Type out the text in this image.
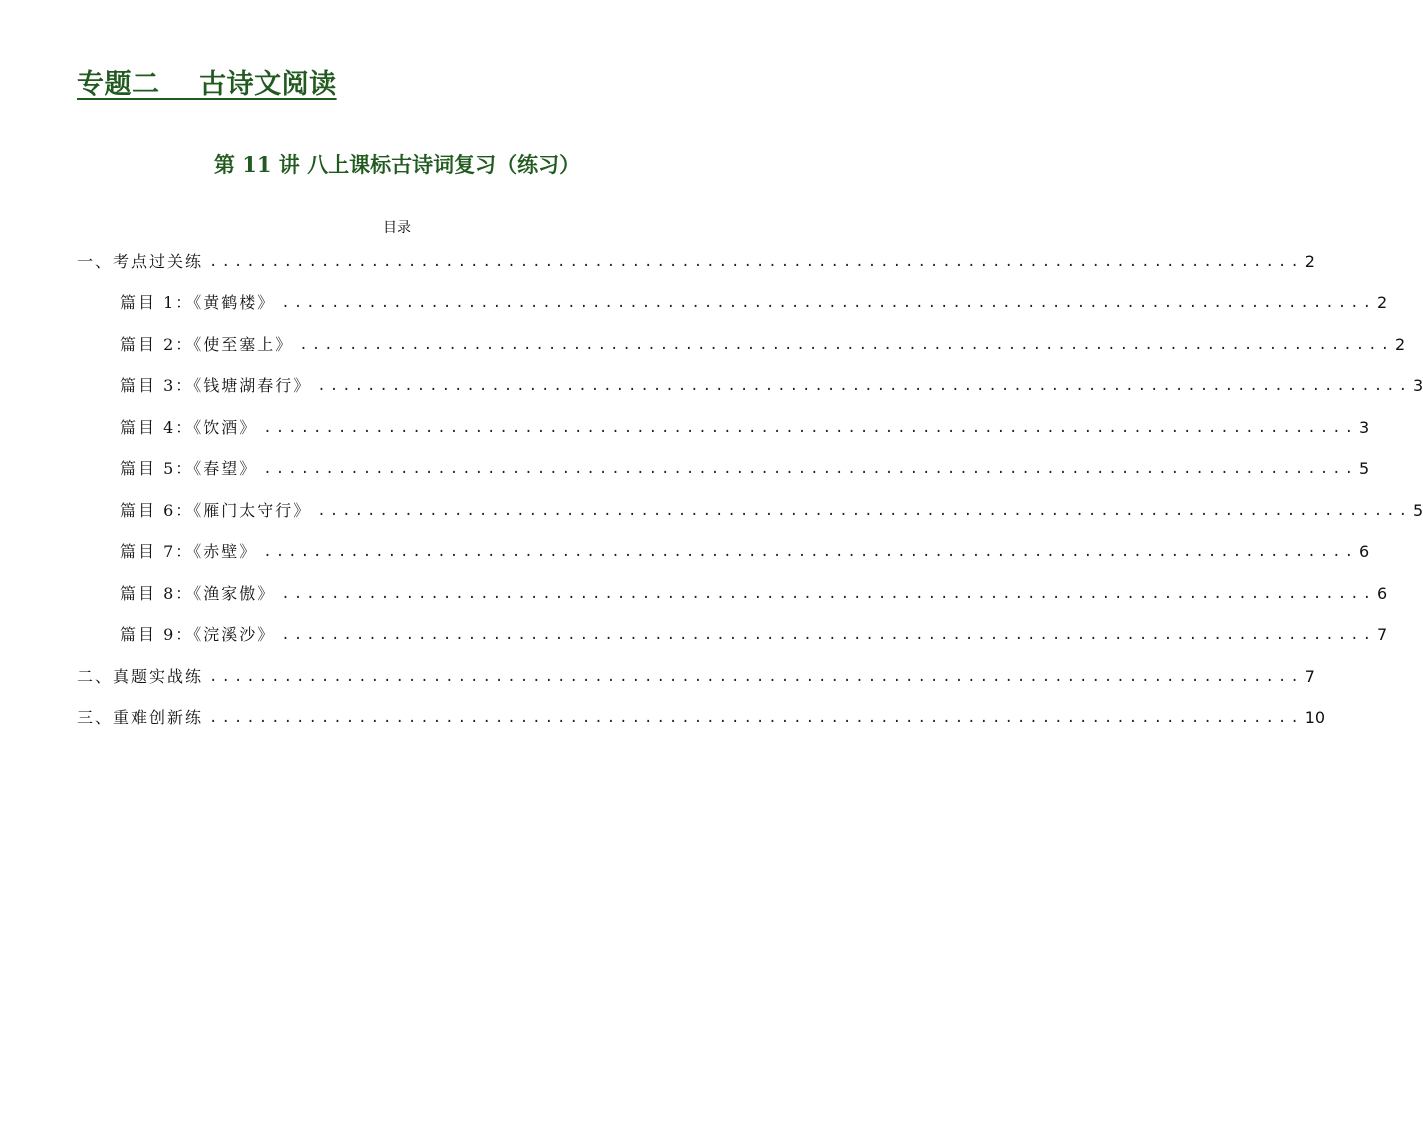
专题二    古诗文阅读
第 11 讲 八上课标古诗词复习（练习）
目录
一、考点过关练 ........................................................................................ 2
篇目 1：《黄鹤楼》 ........................................................................................ 2
篇目 2：《使至塞上》 ........................................................................................ 2
篇目 3：《钱塘湖春行》 ........................................................................................ 3
篇目 4：《饮酒》 ........................................................................................ 3
篇目 5：《春望》 ........................................................................................ 5
篇目 6：《雁门太守行》 ........................................................................................ 5
篇目 7：《赤壁》 ........................................................................................ 6
篇目 8：《渔家傲》 ........................................................................................ 6
篇目 9：《浣溪沙》 ........................................................................................ 7
二、真题实战练 ........................................................................................ 7
三、重难创新练 ........................................................................................ 10
